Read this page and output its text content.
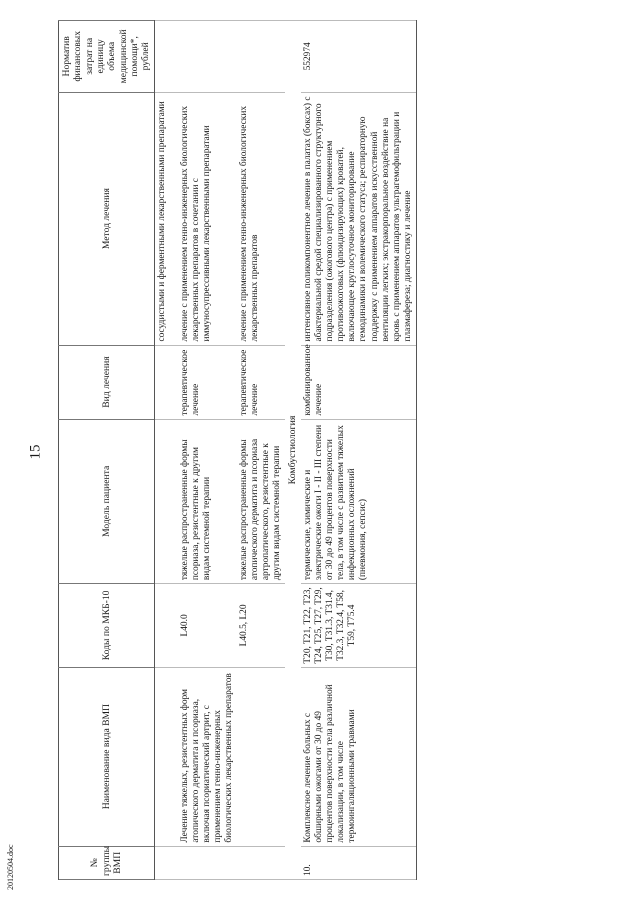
15
20120504.doc	№ группы ВМП	Наименование вида ВМП	Коды по МКБ-10	Модель пациента	Вид лечения	Метод лечения	Норматив финансовых затрат на единицу объема медицинской помощи*, рублей
					сосудистыми и ферментными лекарственными препаратами	
	Лечение тяжелых, резистентных форм атопического дерматита и псориаза, включая псориатический артрит, с применением генно-инженерных биологических лекарственных препаратов	L40.0	тяжелые распространенные формы псориаза, резистентные к другим видам системной терапии	терапевтическое лечение	лечение с применением генно-инженерных биологических лекарственных препаратов в сочетании с иммуносупрессивными лекарственными препаратами	
		L40.5, L20	тяжелые распространенные формы атопического дерматита и псориаза артропатического, резистентные к другим видам системной терапии	терапевтическое лечение	лечение с применением генно-инженерных биологических лекарственных препаратов	
Комбустиология						
10.	Комплексное лечение больных с обширными ожогами от 30 до 49 процентов поверхности тела различной локализации, в том числе термоингаляционными травмами	T20, T21, T22, T23, T24, T25, T27, T29, T30, T31.3, T31.4, T32.3, T32.4, T58, T59, T75.4	термические, химические и электрические ожоги I - II - III степени от 30 до 49 процентов поверхности тела, в том числе с развитием тяжелых инфекционных осложнений (пневмония, сепсис)	комбинированное лечение	интенсивное поликомпонентное лечение в палатах (боксах) с абактериальной средой специализированного структурного подразделения (ожогового центра) с применением противоожоговых (флюидизирующих) кроватей, включающее круглосуточное мониторирование гемодинамики и волемического статуса; респираторную поддержку с применением аппаратов искусственной вентиляции легких; экстракорпоральное воздействие на кровь с применением аппаратов ультрагемофильтрации и плазмафереза; диагностику и лечение	552974
